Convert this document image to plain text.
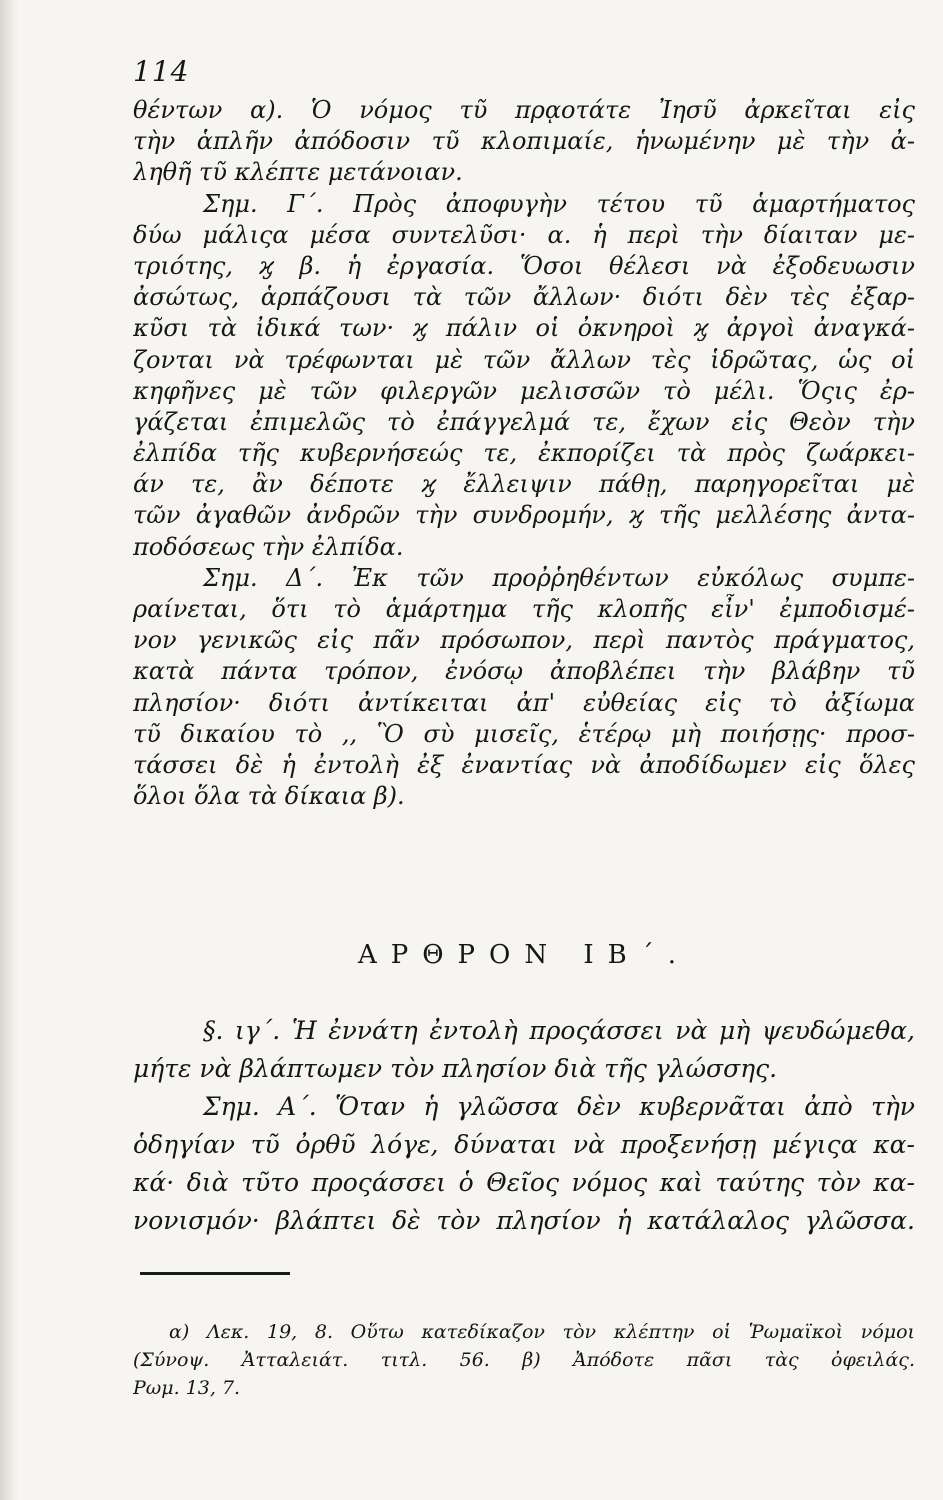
114
θέντων α). Ὁ νόμος τῦ πρᾳοτάτε Ἰησῦ ἀρκεῖται εἰς
τὴν ἁπλῆν ἀπόδοσιν τῦ κλοπιμαίε, ἡνωμένην μὲ τὴν ἀ-
ληθῆ τῦ κλέπτε μετάνοιαν.
Σημ. Γ΄. Πρὸς ἀποφυγὴν τέτου τῦ ἁμαρτήματος
δύω μάλιςα μέσα συντελῦσι· α. ἡ περὶ τὴν δίαιταν με-
τριότης, ϗ β. ἡ ἐργασία. Ὅσοι θέλεσι νὰ ἐξοδευωσιν
ἀσώτως, ἁρπάζουσι τὰ τῶν ἄλλων· διότι δὲν τὲς ἐξαρ-
κῦσι τὰ ἰδικά των· ϗ πάλιν οἱ ὀκνηροὶ ϗ ἀργοὶ ἀναγκά-
ζονται νὰ τρέφωνται μὲ τῶν ἄλλων τὲς ἱδρῶτας, ὡς οἱ
κηφῆνες μὲ τῶν φιλεργῶν μελισσῶν τὸ μέλι. Ὅςις ἐρ-
γάζεται ἐπιμελῶς τὸ ἐπάγγελμά τε, ἔχων εἰς Θεὸν τὴν
ἐλπίδα τῆς κυβερνήσεώς τε, ἐκπορίζει τὰ πρὸς ζωάρκει-
άν τε, ἂν δέποτε ϗ ἔλλειψιν πάθῃ, παρηγορεῖται μὲ
τῶν ἀγαθῶν ἀνδρῶν τὴν συνδρομήν, ϗ τῆς μελλέσης ἀντα-
ποδόσεως τὴν ἐλπίδα.
Σημ. Δ΄. Ἐκ τῶν προῤῥηθέντων εὐκόλως συμπε-
ραίνεται, ὅτι τὸ ἁμάρτημα τῆς κλοπῆς εἶν' ἐμποδισμέ-
νον γενικῶς εἰς πᾶν πρόσωπον, περὶ παντὸς πράγματος,
κατὰ πάντα τρόπον, ἐνόσῳ ἀποβλέπει τὴν βλάβην τῦ
πλησίον· διότι ἀντίκειται ἀπ' εὐθείας εἰς τὸ ἀξίωμα
τῦ δικαίου τὸ ,, Ὃ σὺ μισεῖς, ἑτέρῳ μὴ ποιήσῃς· προσ-
τάσσει δὲ ἡ ἐντολὴ ἐξ ἐναντίας νὰ ἀποδίδωμεν εἰς ὅλες
ὅλοι ὅλα τὰ δίκαια β).
ΑΡΘΡΟΝ ΙΒ΄.
§. ιγ΄. Ἡ ἐννάτη ἐντολὴ προςάσσει νὰ μὴ ψευδώμεθα,
μήτε νὰ βλάπτωμεν τὸν πλησίον διὰ τῆς γλώσσης.
Σημ. Α΄. Ὅταν ἡ γλῶσσα δὲν κυβερνᾶται ἀπὸ τὴν
ὁδηγίαν τῦ ὀρθῦ λόγε, δύναται νὰ προξενήσῃ μέγιςα κα-
κά· διὰ τῦτο προςάσσει ὁ Θεῖος νόμος καὶ ταύτης τὸν κα-
νονισμόν· βλάπτει δὲ τὸν πλησίον ἡ κατάλαλος γλῶσσα.
α) Λεκ. 19, 8. Οὕτω κατεδίκαζον τὸν κλέπτην οἱ Ῥωμαϊκοὶ νόμοι
(Σύνοψ. Ἀτταλειάτ. τιτλ. 56. β) Ἀπόδοτε πᾶσι τὰς ὀφειλάς.
Ρωμ. 13, 7.
